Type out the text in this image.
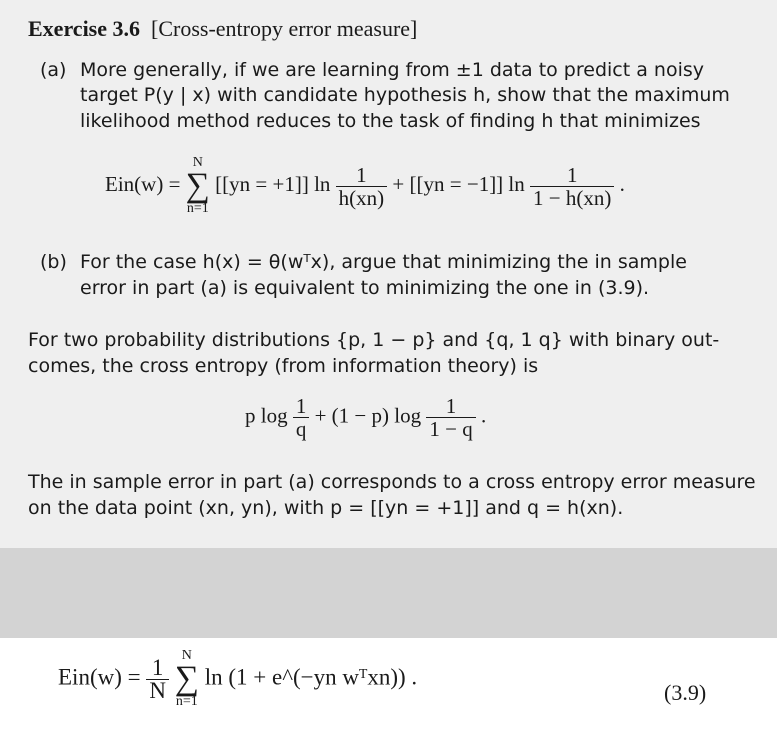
Exercise 3.6 [Cross-entropy error measure]
(a) More generally, if we are learning from ±1 data to predict a noisy
target P(y | x) with candidate hypothesis h, show that the maximum
likelihood method reduces to the task of finding h that minimizes
Ein(w) = N
∑
n=1 [[yn = +1]] $\ln \frac{1}{h(xn)} + [[yn = -1]]$ $\ln \frac{1}{1 - h(xn)}$ .
(b) For the case h(x) = θ(wᵀx), argue that minimizing the in sample
error in part (a) is equivalent to minimizing the one in (3.9).
For two probability distributions {p, 1 − p} and {q, 1 q} with binary out-
comes, the cross entropy (from information theory) is
p $\log \frac{1}{q} + (1 - p)$ $\log \frac{1}{1 - q}$ .
The in sample error in part (a) corresponds to a cross entropy error measure
on the data point (xn, yn), with p = [[yn = +1]] and q = h(xn).
$Ein(w) = \frac{1}{N}$
N
∑
n=1 ln (1 + e^(−yn wᵀxn)) .
(3.9)
